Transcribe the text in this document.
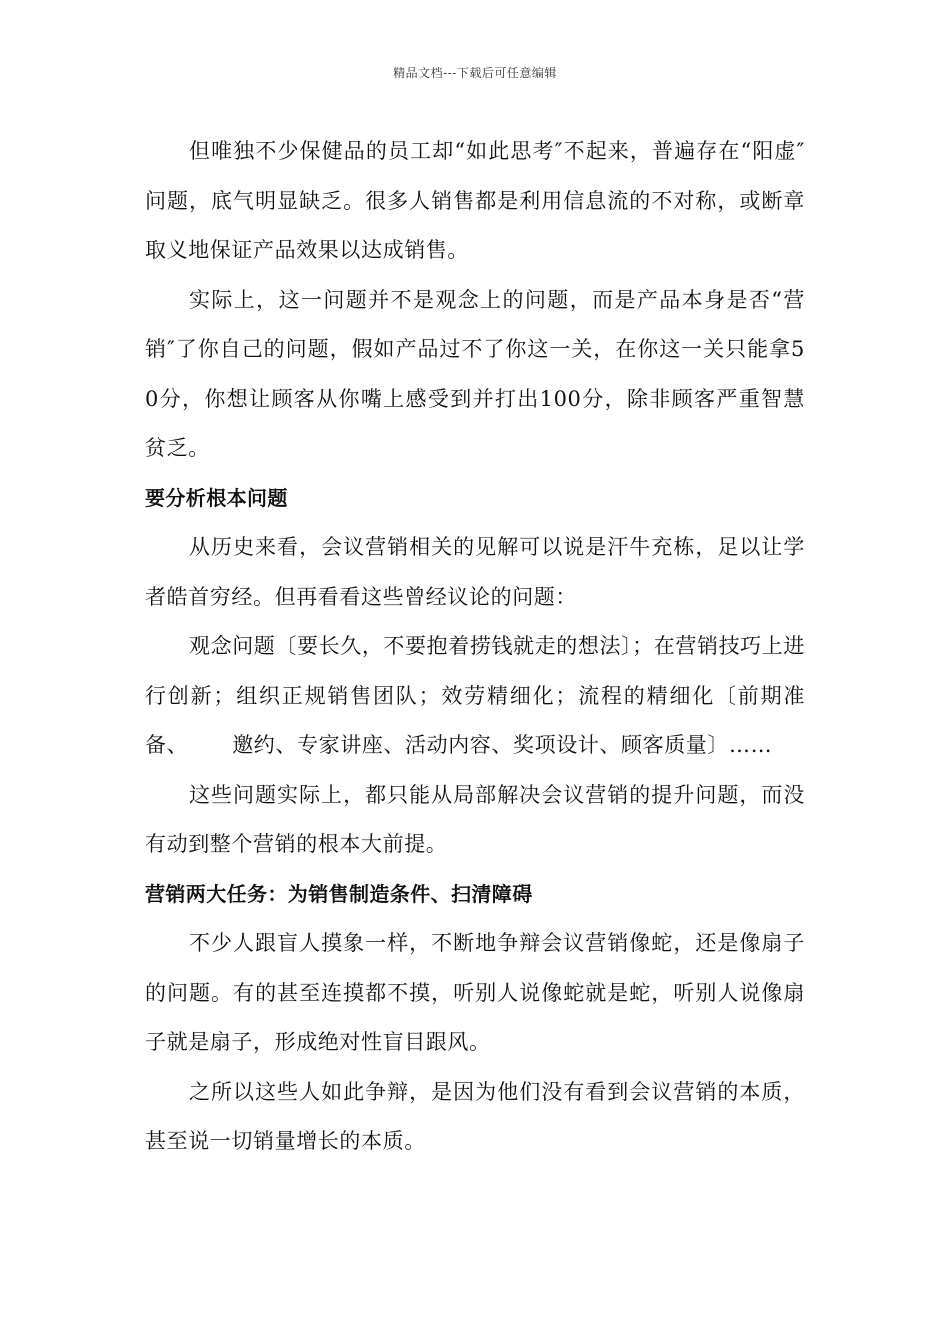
精品文档---下载后可任意编辑

但唯独不少保健品的员工却“如此思考″不起来，普遍存在“阳虚″问题，底气明显缺乏。很多人销售都是利用信息流的不对称，或断章取义地保证产品效果以达成销售。

实际上，这一问题并不是观念上的问题，而是产品本身是否“营销″了你自己的问题，假如产品过不了你这一关，在你这一关只能拿50分，你想让顾客从你嘴上感受到并打出100分，除非顾客严重智慧贫乏。

要分析根本问题

从历史来看，会议营销相关的见解可以说是汗牛充栋，足以让学者皓首穷经。但再看看这些曾经议论的问题：

观念问题〔要长久，不要抱着捞钱就走的想法〕；在营销技巧上进行创新；组织正规销售团队；效劳精细化；流程的精细化〔前期准备、 邀约、专家讲座、活动内容、奖项设计、顾客质量〕……

这些问题实际上，都只能从局部解决会议营销的提升问题，而没有动到整个营销的根本大前提。

营销两大任务：为销售制造条件、扫清障碍

不少人跟盲人摸象一样，不断地争辩会议营销像蛇，还是像扇子的问题。有的甚至连摸都不摸，听别人说像蛇就是蛇，听别人说像扇子就是扇子，形成绝对性盲目跟风。

之所以这些人如此争辩，是因为他们没有看到会议营销的本质，甚至说一切销量增长的本质。
